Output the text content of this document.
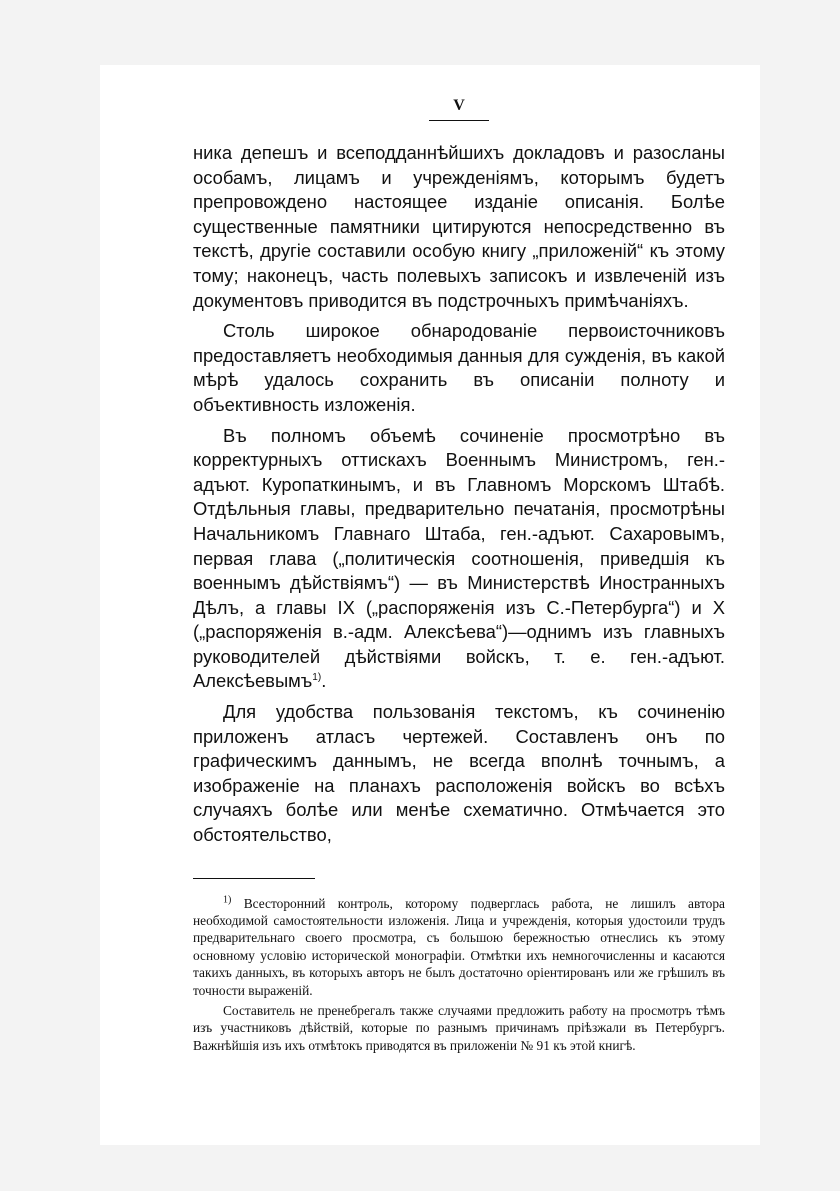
V

ника депешъ и всеподданнѣйшихъ докладовъ и разосланы особамъ, лицамъ и учрежденiямъ, которымъ будетъ препровождено настоящее изданiе описанiя. Болѣе существенные памятники цитируются непосредственно въ текстѣ, другiе составили особую книгу „приложенiй“ къ этому тому; наконецъ, часть полевыхъ записокъ и извлеченiй изъ документовъ приводится въ подстрочныхъ примѣчанiяхъ.

Столь широкое обнародованiе первоисточниковъ предоставляетъ необходимыя данныя для сужденiя, въ какой мѣрѣ удалось сохранить въ описанiи полноту и объективность изложенiя.

Въ полномъ объемѣ сочиненiе просмотрѣно въ корректурныхъ оттискахъ Военнымъ Министромъ, ген.-адъют. Куропаткинымъ, и въ Главномъ Морскомъ Штабѣ. Отдѣльныя главы, предварительно печатанiя, просмотрѣны Начальникомъ Главнаго Штаба, ген.-адъют. Сахаровымъ, первая глава („политическiя соотношенiя, приведшiя къ военнымъ дѣйствiямъ“) — въ Министерствѣ Иностранныхъ Дѣлъ, а главы IX („распоряженiя изъ С.-Петербурга“) и X („распоряженiя в.-адм. Алексѣева“)—однимъ изъ главныхъ руководителей дѣйствiями войскъ, т. е. ген.-адъют. Алексѣевымъ$^{1)}$.

Для удобства пользованiя текстомъ, къ сочиненiю приложенъ атласъ чертежей. Составленъ онъ по графическимъ даннымъ, не всегда вполнѣ точнымъ, а изображенiе на планахъ расположенiя войскъ во всѣхъ случаяхъ болѣе или менѣе схематично. Отмѣчается это обстоятельство,

$^{1)}$ Всесторонний контроль, которому подверглась работа, не лишилъ автора необходимой самостоятельности изложенія. Лица и учрежденія, которыя удостоили трудъ предварительнаго своего просмотра, съ большою бережностью отнеслись къ этому основному условію исторической монографіи. Отмѣтки ихъ немногочисленны и касаются такихъ данныхъ, въ которыхъ авторъ не былъ достаточно оріентированъ или же грѣшилъ въ точности выраженій.

Составитель не пренебрегалъ также случаями предложить работу на просмотръ тѣмъ изъ участниковъ дѣйствій, которые по разнымъ причинамъ пріѣзжали въ Петербургъ. Важнѣйшія изъ ихъ отмѣтокъ приводятся въ приложеніи № 91 къ этой книгѣ.
